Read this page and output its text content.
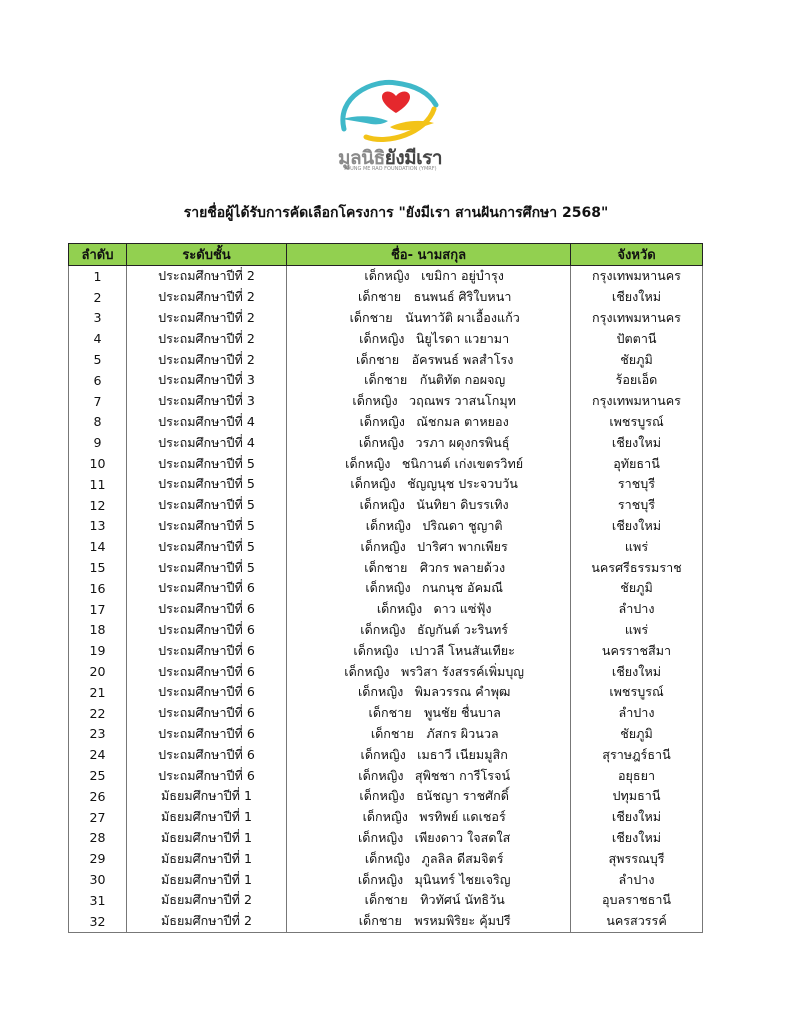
มูลนิธิยังมีเรา
YOUNG ME RAO FOUNDATION (YMRF)
รายชื่อผู้ได้รับการคัดเลือกโครงการ "ยังมีเรา สานฝันการศึกษา 2568"
ลำดับ	ระดับชั้น	ชื่อ- นามสกุล	จังหวัด
1	ประถมศึกษาปีที่ 2	เด็กหญิง เขมิกา อยู่บำรุง	กรุงเทพมหานคร
2	ประถมศึกษาปีที่ 2	เด็กชาย ธนพนธ์ ศิริใบหนา	เชียงใหม่
3	ประถมศึกษาปีที่ 2	เด็กชาย นันทาวัติ ผาเอื้องแก้ว	กรุงเทพมหานคร
4	ประถมศึกษาปีที่ 2	เด็กหญิง นิยูไรดา แวยามา	ปัตตานี
5	ประถมศึกษาปีที่ 2	เด็กชาย อัครพนธ์ พลสำโรง	ชัยภูมิ
6	ประถมศึกษาปีที่ 3	เด็กชาย กันติทัต กอผจญ	ร้อยเอ็ด
7	ประถมศึกษาปีที่ 3	เด็กหญิง วฤณพร วาสนโกมุท	กรุงเทพมหานคร
8	ประถมศึกษาปีที่ 4	เด็กหญิง ณัชกมล ตาหยอง	เพชรบูรณ์
9	ประถมศึกษาปีที่ 4	เด็กหญิง วรภา ผดุงกรพินธุ์	เชียงใหม่
10	ประถมศึกษาปีที่ 5	เด็กหญิง ชนิกานต์ เก่งเขตรวิทย์	อุทัยธานี
11	ประถมศึกษาปีที่ 5	เด็กหญิง ชัญญนุช ประจวบวัน	ราชบุรี
12	ประถมศึกษาปีที่ 5	เด็กหญิง นันทิยา ดิบรรเทิง	ราชบุรี
13	ประถมศึกษาปีที่ 5	เด็กหญิง ปริณดา ชูญาติ	เชียงใหม่
14	ประถมศึกษาปีที่ 5	เด็กหญิง ปาริศา พากเพียร	แพร่
15	ประถมศึกษาปีที่ 5	เด็กชาย ศิวกร พลายด้วง	นครศรีธรรมราช
16	ประถมศึกษาปีที่ 6	เด็กหญิง กนกนุช อัคมณี	ชัยภูมิ
17	ประถมศึกษาปีที่ 6	เด็กหญิง ดาว แซ่ฟุ้ง	ลำปาง
18	ประถมศึกษาปีที่ 6	เด็กหญิง ธัญกันต์ วะรินทร์	แพร่
19	ประถมศึกษาปีที่ 6	เด็กหญิง เปาวลี โหนสันเทียะ	นครราชสีมา
20	ประถมศึกษาปีที่ 6	เด็กหญิง พรวิสา รังสรรค์เพิ่มบุญ	เชียงใหม่
21	ประถมศึกษาปีที่ 6	เด็กหญิง พิมลวรรณ คำพุฒ	เพชรบูรณ์
22	ประถมศึกษาปีที่ 6	เด็กชาย พูนชัย ชื่นบาล	ลำปาง
23	ประถมศึกษาปีที่ 6	เด็กชาย ภัสกร ผิวนวล	ชัยภูมิ
24	ประถมศึกษาปีที่ 6	เด็กหญิง เมธาวี เนียมมูสิก	สุราษฎร์ธานี
25	ประถมศึกษาปีที่ 6	เด็กหญิง สุพิชชา การีโรจน์	อยุธยา
26	มัธยมศึกษาปีที่ 1	เด็กหญิง ธนัชญา ราชศักดิ์	ปทุมธานี
27	มัธยมศึกษาปีที่ 1	เด็กหญิง พรทิพย์ แดเชอร์	เชียงใหม่
28	มัธยมศึกษาปีที่ 1	เด็กหญิง เพียงดาว ใจสดใส	เชียงใหม่
29	มัธยมศึกษาปีที่ 1	เด็กหญิง ภูลลิล ดีสมจิตร์	สุพรรณบุรี
30	มัธยมศึกษาปีที่ 1	เด็กหญิง มุนินทร์ ไชยเจริญ	ลำปาง
31	มัธยมศึกษาปีที่ 2	เด็กชาย ทิวทัศน์ นัทธิวัน	อุบลราชธานี
32	มัธยมศึกษาปีที่ 2	เด็กชาย พรหมพิริยะ คุ้มปรี	นครสวรรค์
